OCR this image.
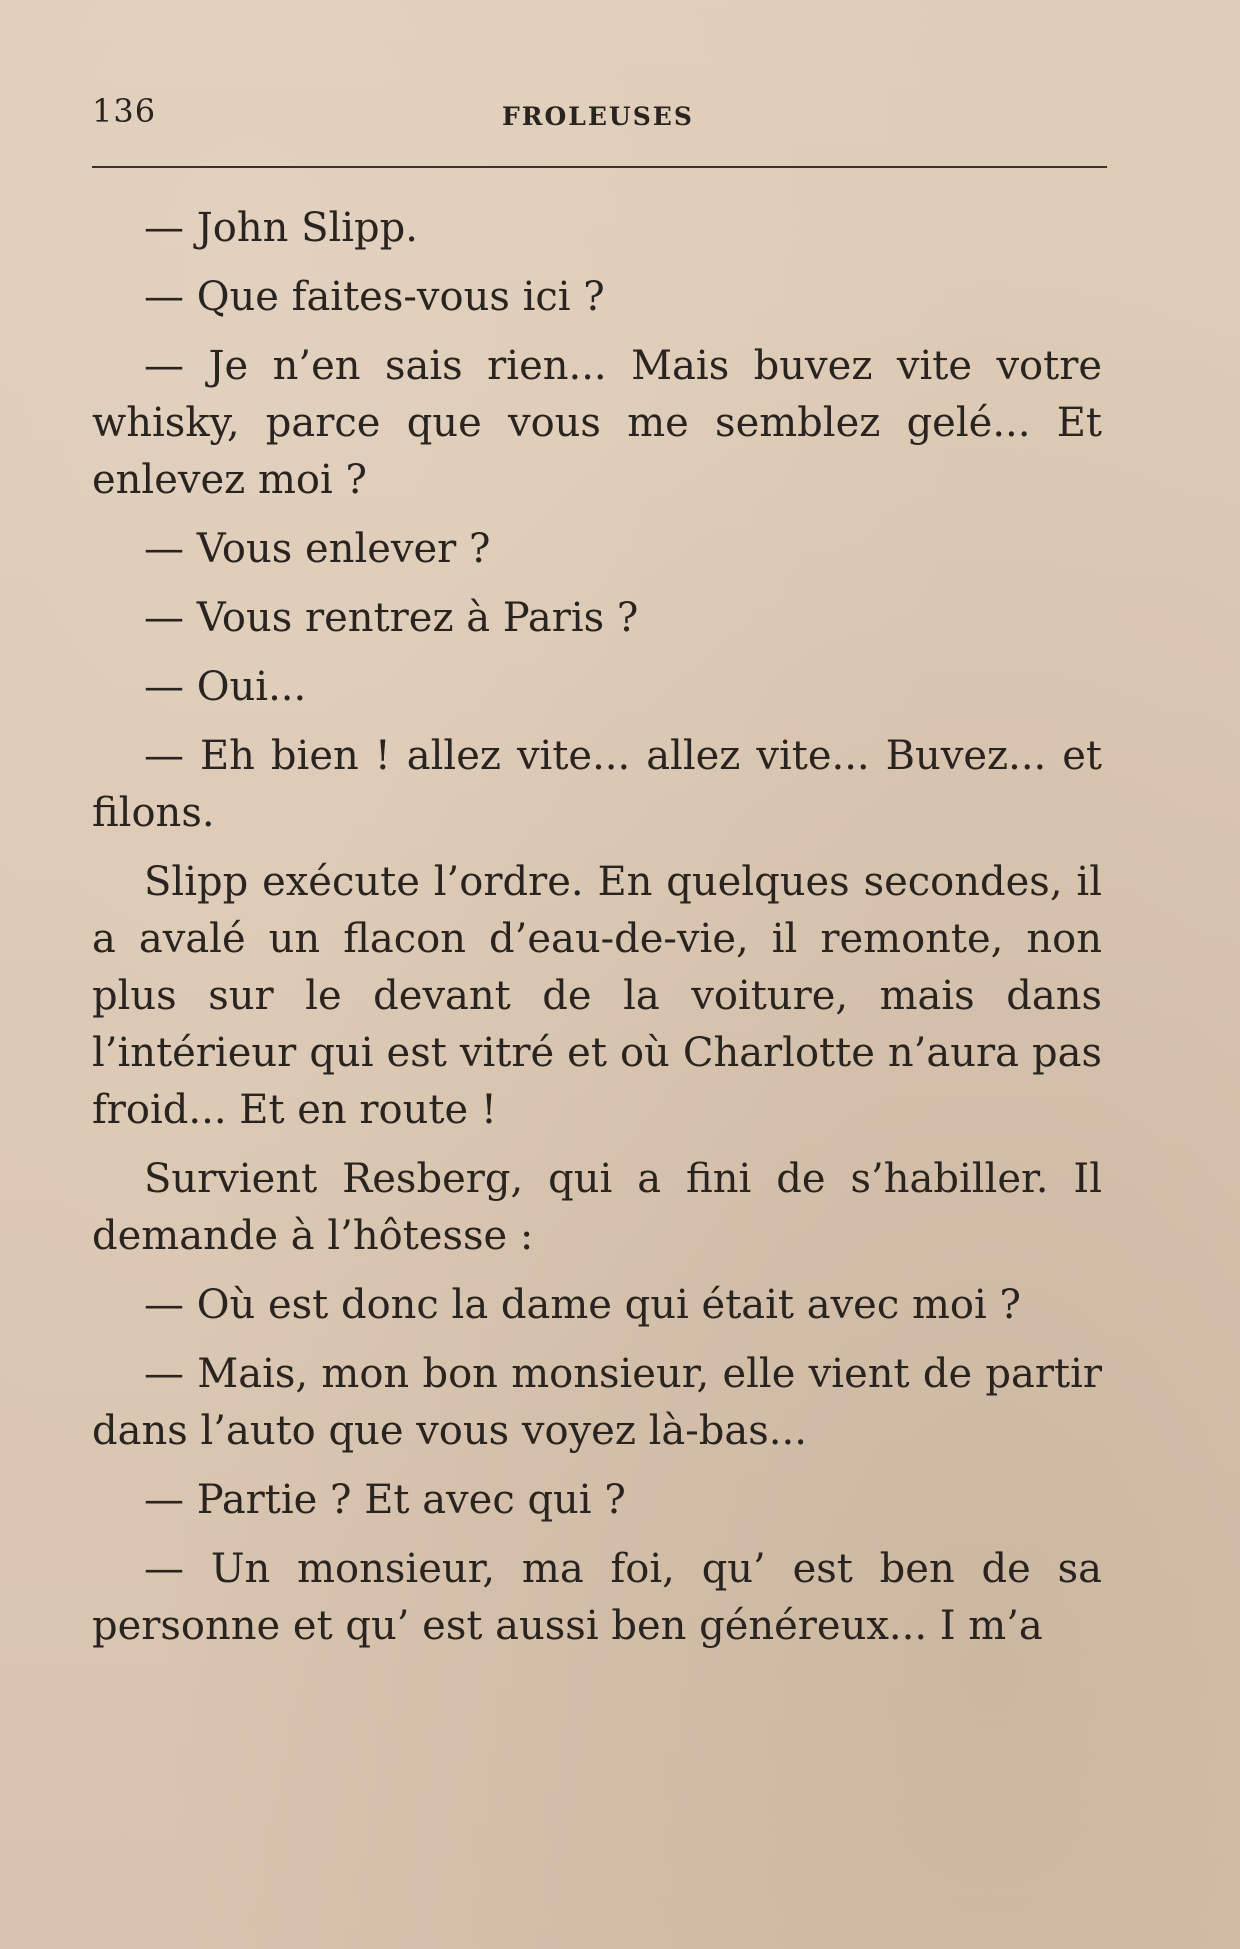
136	FROLEUSES

— John Slipp.

— Que faites-vous ici ?

— Je n’en sais rien... Mais buvez vite votre whisky, parce que vous me semblez gelé... Et enlevez moi ?

— Vous enlever ?

— Vous rentrez à Paris ?

— Oui...

— Eh bien ! allez vite... allez vite... Buvez... et filons.

Slipp exécute l’ordre. En quelques secondes, il a avalé un flacon d’eau-de-vie, il remonte, non plus sur le devant de la voiture, mais dans l’intérieur qui est vitré et où Charlotte n’aura pas froid... Et en route !

Survient Resberg, qui a fini de s’habiller. Il demande à l’hôtesse :

— Où est donc la dame qui était avec moi ?

— Mais, mon bon monsieur, elle vient de partir dans l’auto que vous voyez là-bas...

— Partie ? Et avec qui ?

— Un monsieur, ma foi, qu’ est ben de sa personne et qu’ est aussi ben généreux... I m’a
